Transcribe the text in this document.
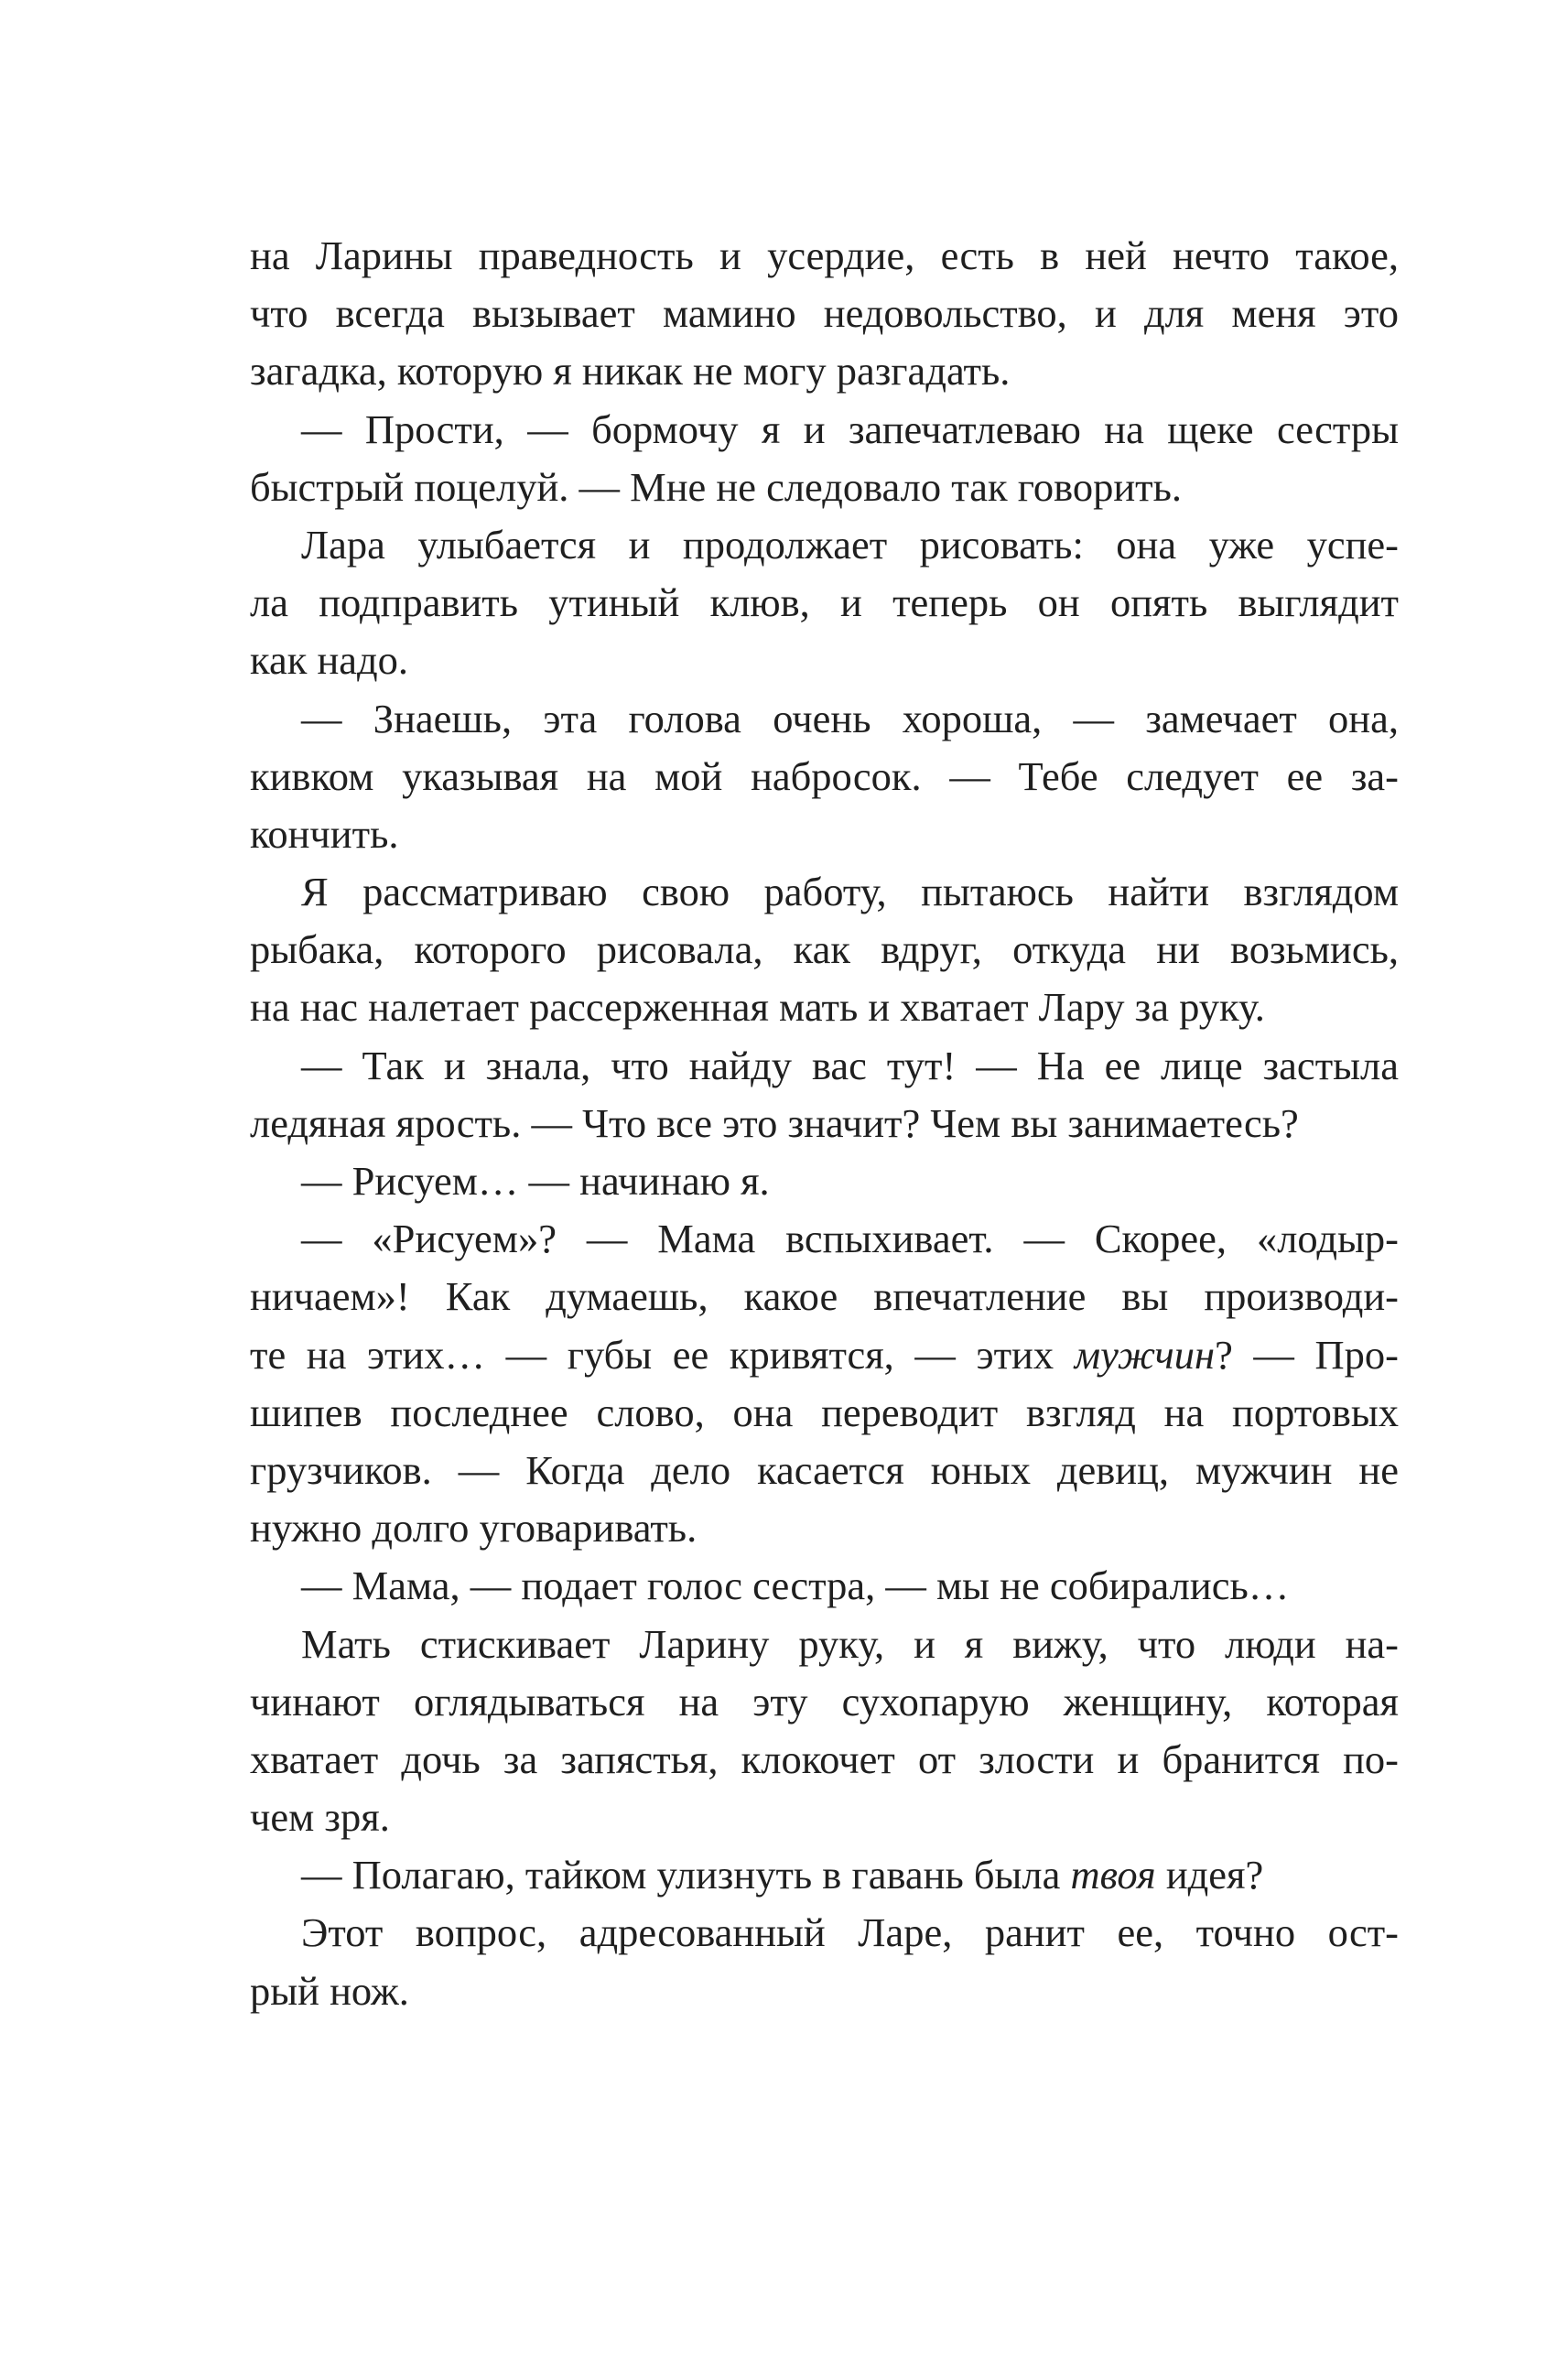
на Ларины праведность и усердие, есть в ней нечто такое,
что всегда вызывает мамино недовольство, и для меня это
загадка, которую я никак не могу разгадать.
— Прости, — бормочу я и запечатлеваю на щеке сестры
быстрый поцелуй. — Мне не следовало так говорить.
Лара улыбается и продолжает рисовать: она уже успе-
ла подправить утиный клюв, и теперь он опять выглядит
как надо.
— Знаешь, эта голова очень хороша, — замечает она,
кивком указывая на мой набросок. — Тебе следует ее за-
кончить.
Я рассматриваю свою работу, пытаюсь найти взглядом
рыбака, которого рисовала, как вдруг, откуда ни возьмись,
на нас налетает рассерженная мать и хватает Лару за руку.
— Так и знала, что найду вас тут! — На ее лице застыла
ледяная ярость. — Что все это значит? Чем вы занимаетесь?
— Рисуем… — начинаю я.
— «Рисуем»? — Мама вспыхивает. — Скорее, «лодыр-
ничаем»! Как думаешь, какое впечатление вы производи-
те на этих… — губы ее кривятся, — этих мужчин? — Про-
шипев последнее слово, она переводит взгляд на портовых
грузчиков. — Когда дело касается юных девиц, мужчин не
нужно долго уговаривать.
— Мама, — подает голос сестра, — мы не собирались…
Мать стискивает Ларину руку, и я вижу, что люди на-
чинают оглядываться на эту сухопарую женщину, которая
хватает дочь за запястья, клокочет от злости и бранится по-
чем зря.
— Полагаю, тайком улизнуть в гавань была твоя идея?
Этот вопрос, адресованный Ларе, ранит ее, точно ост-
рый нож.
